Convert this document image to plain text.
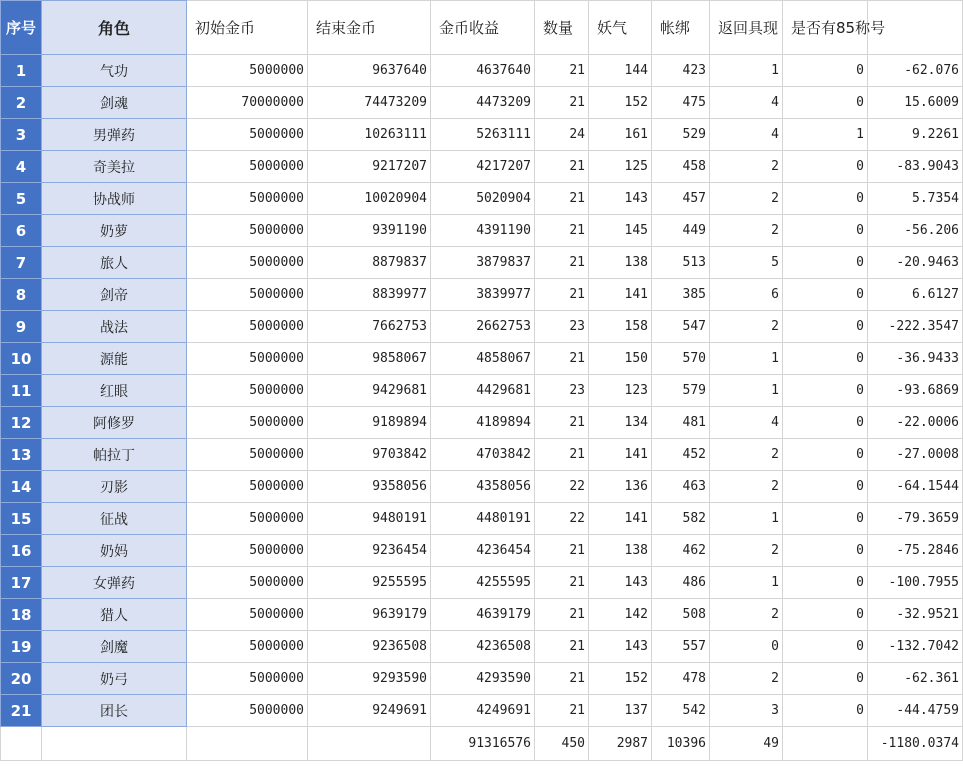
序号	角色	初始金币	结束金币	金币收益	数量	妖气	帐绑	返回具现	是否有85称号	
1	气功	5000000	9637640	4637640	21	144	423	1	0	-62.076
2	剑魂	70000000	74473209	4473209	21	152	475	4	0	15.6009
3	男弹药	5000000	10263111	5263111	24	161	529	4	1	9.2261
4	奇美拉	5000000	9217207	4217207	21	125	458	2	0	-83.9043
5	协战师	5000000	10020904	5020904	21	143	457	2	0	5.7354
6	奶萝	5000000	9391190	4391190	21	145	449	2	0	-56.206
7	旅人	5000000	8879837	3879837	21	138	513	5	0	-20.9463
8	剑帝	5000000	8839977	3839977	21	141	385	6	0	6.6127
9	战法	5000000	7662753	2662753	23	158	547	2	0	-222.3547
10	源能	5000000	9858067	4858067	21	150	570	1	0	-36.9433
11	红眼	5000000	9429681	4429681	23	123	579	1	0	-93.6869
12	阿修罗	5000000	9189894	4189894	21	134	481	4	0	-22.0006
13	帕拉丁	5000000	9703842	4703842	21	141	452	2	0	-27.0008
14	刃影	5000000	9358056	4358056	22	136	463	2	0	-64.1544
15	征战	5000000	9480191	4480191	22	141	582	1	0	-79.3659
16	奶妈	5000000	9236454	4236454	21	138	462	2	0	-75.2846
17	女弹药	5000000	9255595	4255595	21	143	486	1	0	-100.7955
18	猎人	5000000	9639179	4639179	21	142	508	2	0	-32.9521
19	剑魔	5000000	9236508	4236508	21	143	557	0	0	-132.7042
20	奶弓	5000000	9293590	4293590	21	152	478	2	0	-62.361
21	团长	5000000	9249691	4249691	21	137	542	3	0	-44.4759
				91316576	450	2987	10396	49		-1180.0374
